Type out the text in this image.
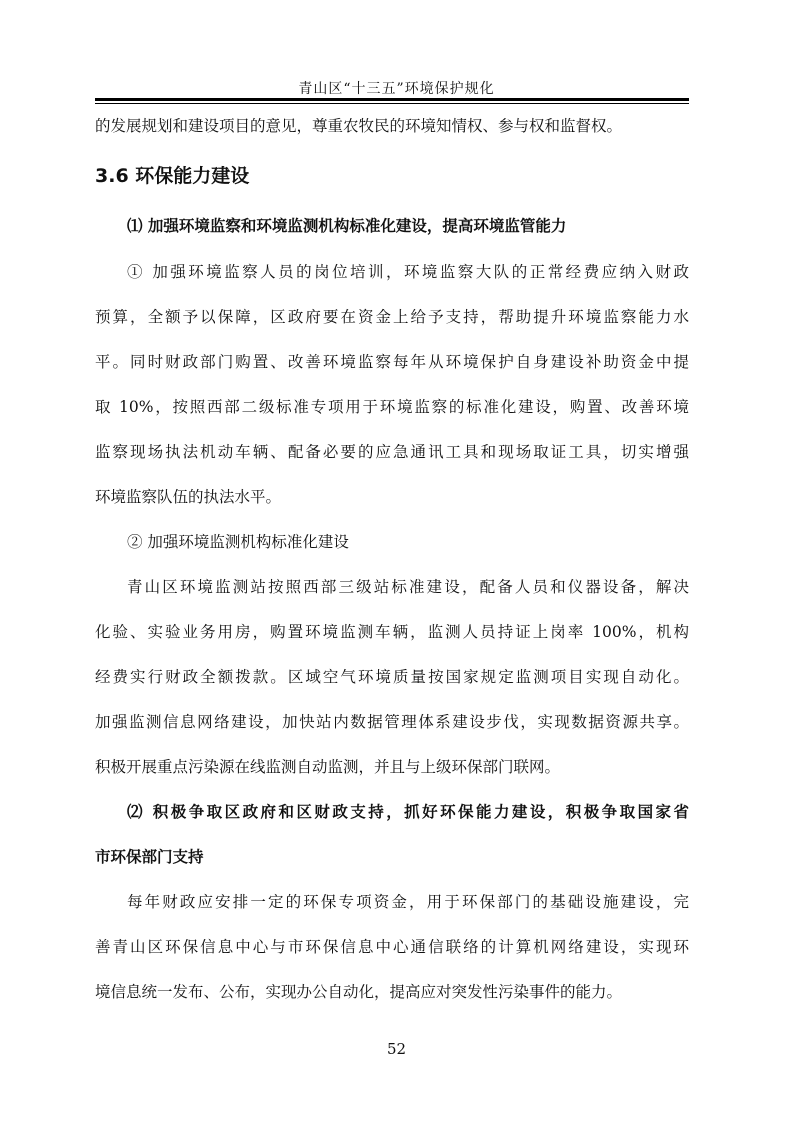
青山区“十三五”环境保护规化
的发展规划和建设项目的意见，尊重农牧民的环境知情权、参与权和监督权。
3.6 环保能力建设
⑴ 加强环境监察和环境监测机构标准化建设，提高环境监管能力
① 加强环境监察人员的岗位培训，环境监察大队的正常经费应纳入财政
预算，全额予以保障，区政府要在资金上给予支持，帮助提升环境监察能力水
平。同时财政部门购置、改善环境监察每年从环境保护自身建设补助资金中提
取 10%，按照西部二级标准专项用于环境监察的标准化建设，购置、改善环境
监察现场执法机动车辆、配备必要的应急通讯工具和现场取证工具，切实增强
环境监察队伍的执法水平。
② 加强环境监测机构标准化建设
青山区环境监测站按照西部三级站标准建设，配备人员和仪器设备，解决
化验、实验业务用房，购置环境监测车辆，监测人员持证上岗率 100%，机构
经费实行财政全额拨款。区域空气环境质量按国家规定监测项目实现自动化。
加强监测信息网络建设，加快站内数据管理体系建设步伐，实现数据资源共享。
积极开展重点污染源在线监测自动监测，并且与上级环保部门联网。
⑵ 积极争取区政府和区财政支持，抓好环保能力建设，积极争取国家省
市环保部门支持
每年财政应安排一定的环保专项资金，用于环保部门的基础设施建设，完
善青山区环保信息中心与市环保信息中心通信联络的计算机网络建设，实现环
境信息统一发布、公布，实现办公自动化，提高应对突发性污染事件的能力。
52
